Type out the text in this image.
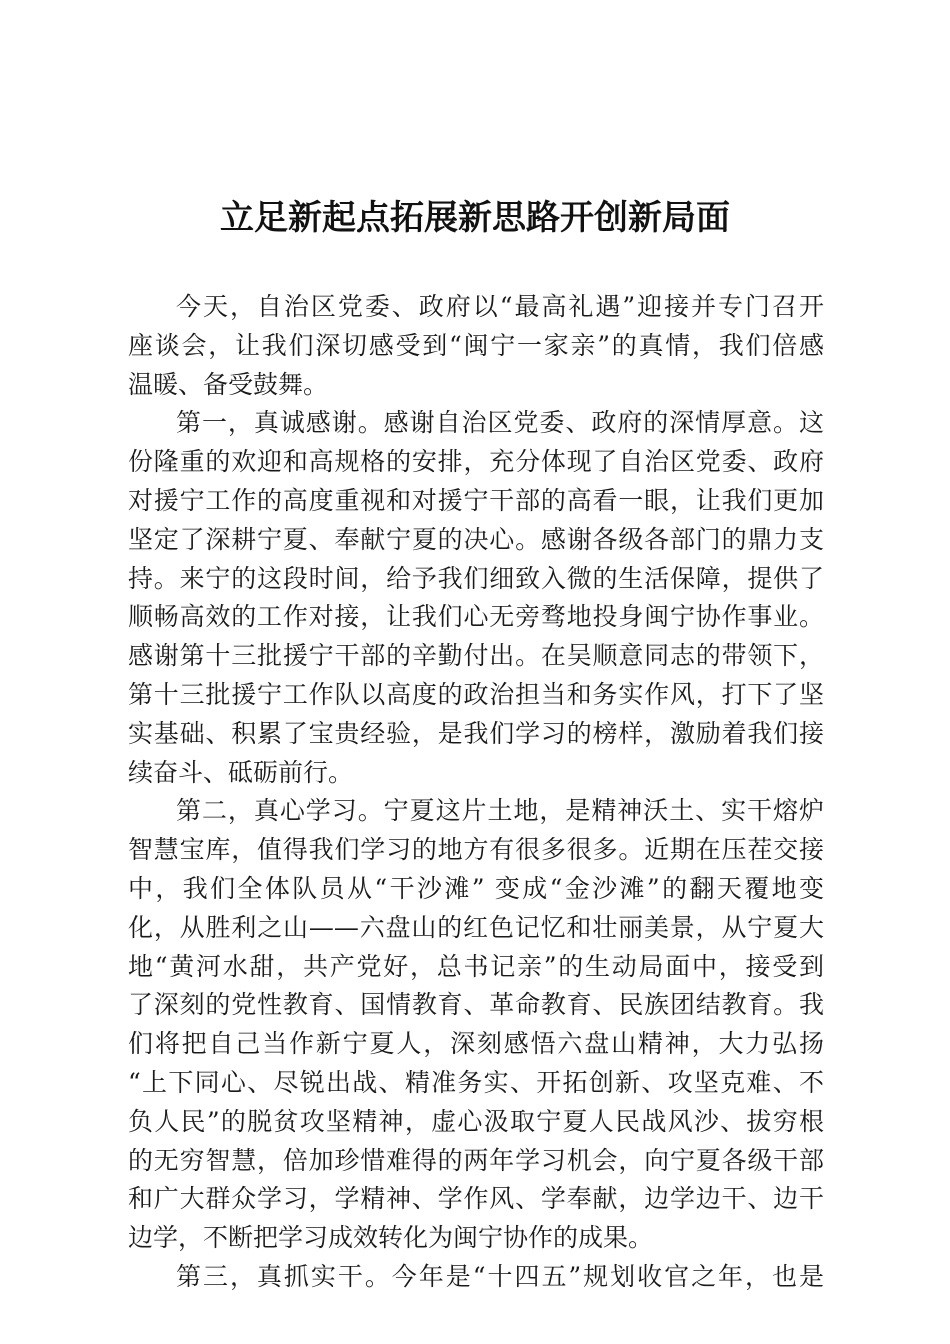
立足新起点拓展新思路开创新局面
今天，自治区党委、政府以“最高礼遇”迎接并专门召开
座谈会，让我们深切感受到“闽宁一家亲”的真情，我们倍感
温暖、备受鼓舞。
第一，真诚感谢。感谢自治区党委、政府的深情厚意。这
份隆重的欢迎和高规格的安排，充分体现了自治区党委、政府
对援宁工作的高度重视和对援宁干部的高看一眼，让我们更加
坚定了深耕宁夏、奉献宁夏的决心。感谢各级各部门的鼎力支
持。来宁的这段时间，给予我们细致入微的生活保障，提供了
顺畅高效的工作对接，让我们心无旁骛地投身闽宁协作事业。
感谢第十三批援宁干部的辛勤付出。在吴顺意同志的带领下，
第十三批援宁工作队以高度的政治担当和务实作风，打下了坚
实基础、积累了宝贵经验，是我们学习的榜样，激励着我们接
续奋斗、砥砺前行。
第二，真心学习。宁夏这片土地，是精神沃土、实干熔炉
智慧宝库，值得我们学习的地方有很多很多。近期在压茬交接
中，我们全体队员从“干沙滩” 变成“金沙滩”的翻天覆地变
化，从胜利之山——六盘山的红色记忆和壮丽美景，从宁夏大
地“黄河水甜，共产党好，总书记亲”的生动局面中，接受到
了深刻的党性教育、国情教育、革命教育、民族团结教育。我
们将把自己当作新宁夏人，深刻感悟六盘山精神，大力弘扬
“上下同心、尽锐出战、精准务实、开拓创新、攻坚克难、不
负人民”的脱贫攻坚精神，虚心汲取宁夏人民战风沙、拔穷根
的无穷智慧，倍加珍惜难得的两年学习机会，向宁夏各级干部
和广大群众学习，学精神、学作风、学奉献，边学边干、边干
边学，不断把学习成效转化为闽宁协作的成果。
第三，真抓实干。今年是“十四五”规划收官之年，也是
